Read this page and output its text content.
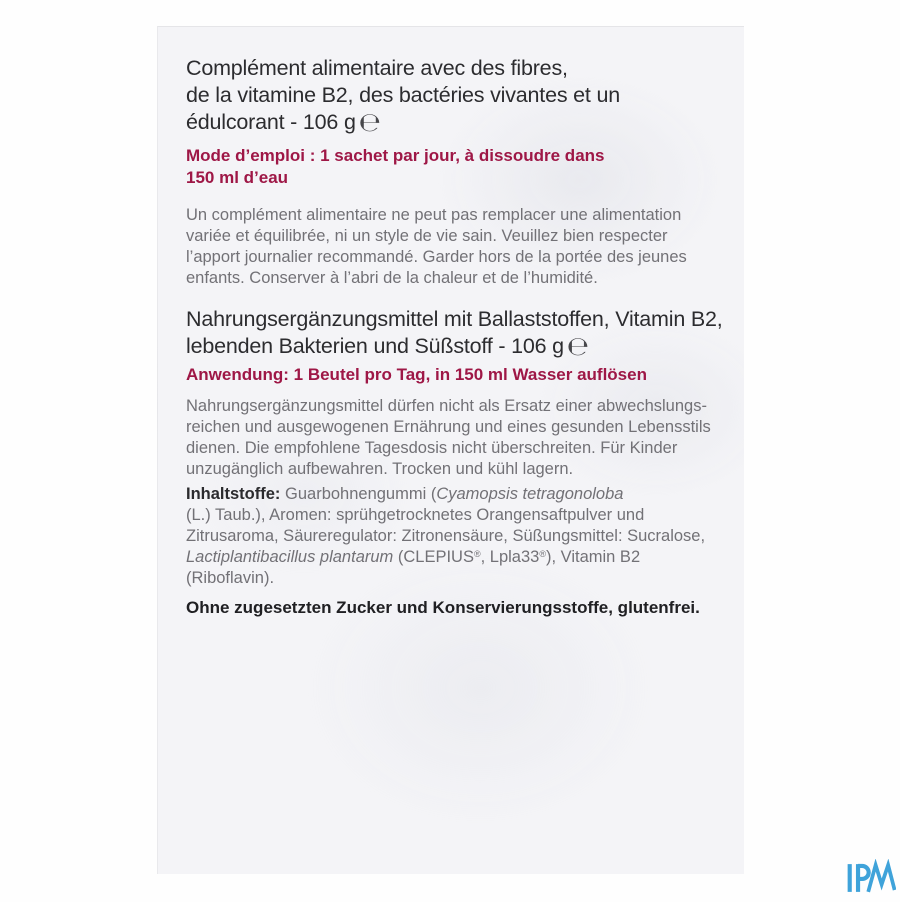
Complément alimentaire avec des fibres,
de la vitamine B2, des bactéries vivantes et un
édulcorant - 106 g ℮
Mode d’emploi : 1 sachet par jour, à dissoudre dans
150 ml d’eau
Un complément alimentaire ne peut pas remplacer une alimentation
variée et équilibrée, ni un style de vie sain. Veuillez bien respecter
l’apport journalier recommandé. Garder hors de la portée des jeunes
enfants. Conserver à l’abri de la chaleur et de l’humidité.
Nahrungsergänzungsmittel mit Ballaststoffen, Vitamin B2,
lebenden Bakterien und Süßstoff - 106 g ℮
Anwendung: 1 Beutel pro Tag, in 150 ml Wasser auflösen
Nahrungsergänzungsmittel dürfen nicht als Ersatz einer abwechslungs-
reichen und ausgewogenen Ernährung und eines gesunden Lebensstils
dienen. Die empfohlene Tagesdosis nicht überschreiten. Für Kinder
unzugänglich aufbewahren. Trocken und kühl lagern.
Inhaltstoffe: Guarbohnengummi (Cyamopsis tetragonoloba
(L.) Taub.), Aromen: sprühgetrocknetes Orangensaftpulver und
Zitrusaroma, Säureregulator: Zitronensäure, Süßungsmittel: Sucralose,
Lactiplantibacillus plantarum (CLEPIUS®, Lpla33®), Vitamin B2
(Riboflavin).
Ohne zugesetzten Zucker und Konservierungsstoffe, glutenfrei.
